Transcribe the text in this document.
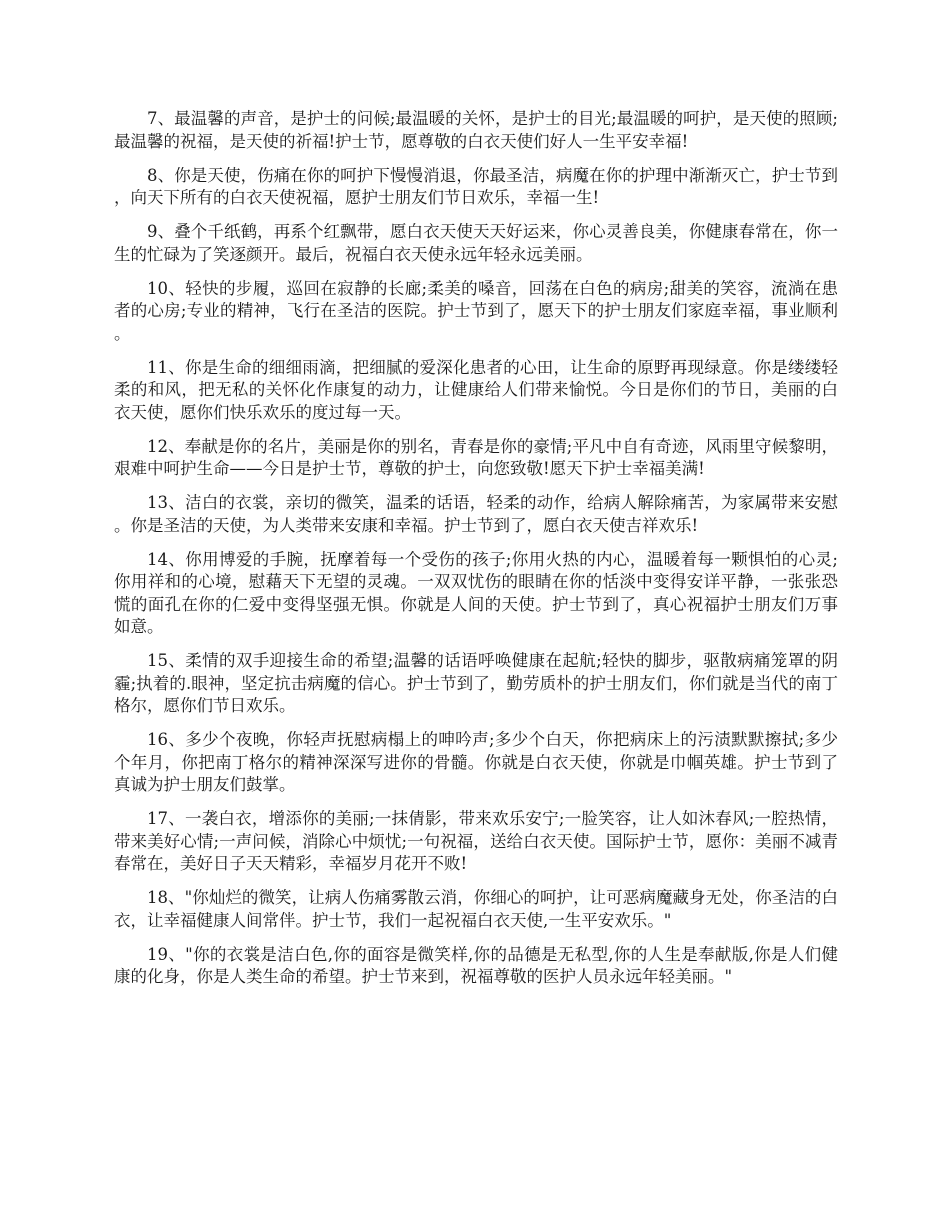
7、最温馨的声音，是护士的问候;最温暖的关怀，是护士的目光;最温暖的呵护，是天使的照顾;最温馨的祝福，是天使的祈福!护士节，愿尊敬的白衣天使们好人一生平安幸福!

8、你是天使，伤痛在你的呵护下慢慢消退，你最圣洁，病魔在你的护理中渐渐灭亡，护士节到，向天下所有的白衣天使祝福，愿护士朋友们节日欢乐，幸福一生!

9、叠个千纸鹤，再系个红飘带，愿白衣天使天天好运来，你心灵善良美，你健康春常在，你一生的忙碌为了笑逐颜开。最后，祝福白衣天使永远年轻永远美丽。

10、轻快的步履，巡回在寂静的长廊;柔美的嗓音，回荡在白色的病房;甜美的笑容，流淌在患者的心房;专业的精神，飞行在圣洁的医院。护士节到了，愿天下的护士朋友们家庭幸福，事业顺利。

11、你是生命的细细雨滴，把细腻的爱深化患者的心田，让生命的原野再现绿意。你是缕缕轻柔的和风，把无私的关怀化作康复的动力，让健康给人们带来愉悦。今日是你们的节日，美丽的白衣天使，愿你们快乐欢乐的度过每一天。

12、奉献是你的名片，美丽是你的别名，青春是你的豪情;平凡中自有奇迹，风雨里守候黎明，艰难中呵护生命——今日是护士节，尊敬的护士，向您致敬!愿天下护士幸福美满!

13、洁白的衣裳，亲切的微笑，温柔的话语，轻柔的动作，给病人解除痛苦，为家属带来安慰。你是圣洁的天使，为人类带来安康和幸福。护士节到了，愿白衣天使吉祥欢乐!

14、你用博爱的手腕，抚摩着每一个受伤的孩子;你用火热的内心，温暖着每一颗惧怕的心灵;你用祥和的心境，慰藉天下无望的灵魂。一双双忧伤的眼睛在你的恬淡中变得安详平静，一张张恐慌的面孔在你的仁爱中变得坚强无惧。你就是人间的天使。护士节到了，真心祝福护士朋友们万事如意。

15、柔情的双手迎接生命的希望;温馨的话语呼唤健康在起航;轻快的脚步，驱散病痛笼罩的阴霾;执着的.眼神，坚定抗击病魔的信心。护士节到了，勤劳质朴的护士朋友们，你们就是当代的南丁格尔，愿你们节日欢乐。

16、多少个夜晚，你轻声抚慰病榻上的呻吟声;多少个白天，你把病床上的污渍默默擦拭;多少个年月，你把南丁格尔的精神深深写进你的骨髓。你就是白衣天使，你就是巾帼英雄。护士节到了真诚为护士朋友们鼓掌。

17、一袭白衣，增添你的美丽;一抹倩影，带来欢乐安宁;一脸笑容，让人如沐春风;一腔热情，带来美好心情;一声问候，消除心中烦忧;一句祝福，送给白衣天使。国际护士节，愿你：美丽不减青春常在，美好日子天天精彩，幸福岁月花开不败!

18、"你灿烂的微笑，让病人伤痛雾散云消，你细心的呵护，让可恶病魔藏身无处，你圣洁的白衣，让幸福健康人间常伴。护士节，我们一起祝福白衣天使,一生平安欢乐。"

19、"你的衣裳是洁白色,你的面容是微笑样,你的品德是无私型,你的人生是奉献版,你是人们健康的化身，你是人类生命的希望。护士节来到，祝福尊敬的医护人员永远年轻美丽。"
